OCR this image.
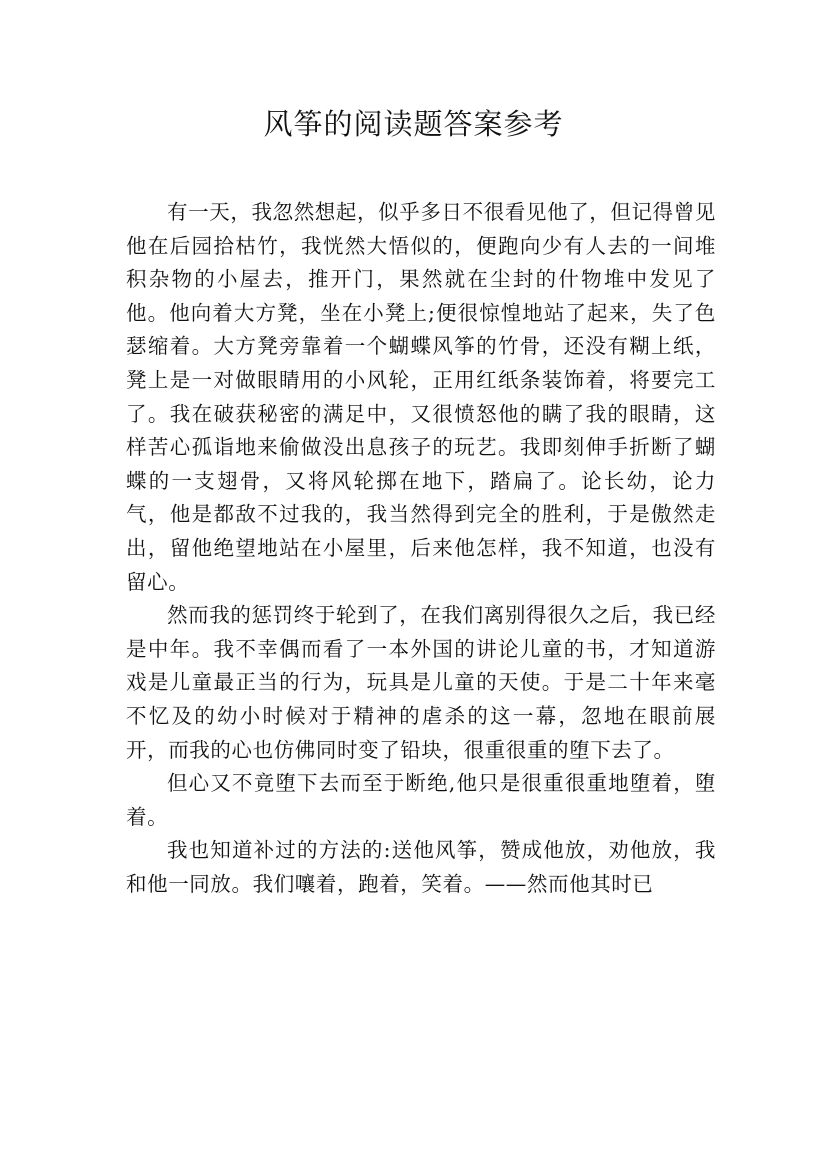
风筝的阅读题答案参考

有一天，我忽然想起，似乎多日不很看见他了，但记得曾见他在后园拾枯竹，我恍然大悟似的，便跑向少有人去的一间堆积杂物的小屋去，推开门，果然就在尘封的什物堆中发见了他。他向着大方凳，坐在小凳上;便很惊惶地站了起来，失了色瑟缩着。大方凳旁靠着一个蝴蝶风筝的竹骨，还没有糊上纸，凳上是一对做眼睛用的小风轮，正用红纸条装饰着，将要完工了。我在破获秘密的满足中，又很愤怒他的瞒了我的眼睛，这样苦心孤诣地来偷做没出息孩子的玩艺。我即刻伸手折断了蝴蝶的一支翅骨，又将风轮掷在地下，踏扁了。论长幼，论力气，他是都敌不过我的，我当然得到完全的胜利，于是傲然走出，留他绝望地站在小屋里，后来他怎样，我不知道，也没有留心。

然而我的惩罚终于轮到了，在我们离别得很久之后，我已经是中年。我不幸偶而看了一本外国的讲论儿童的书，才知道游戏是儿童最正当的行为，玩具是儿童的天使。于是二十年来毫不忆及的幼小时候对于精神的虐杀的这一幕，忽地在眼前展开，而我的心也仿佛同时变了铅块，很重很重的堕下去了。

但心又不竟堕下去而至于断绝,他只是很重很重地堕着，堕着。

我也知道补过的方法的:送他风筝，赞成他放，劝他放，我和他一同放。我们嚷着，跑着，笑着。——然而他其时已
